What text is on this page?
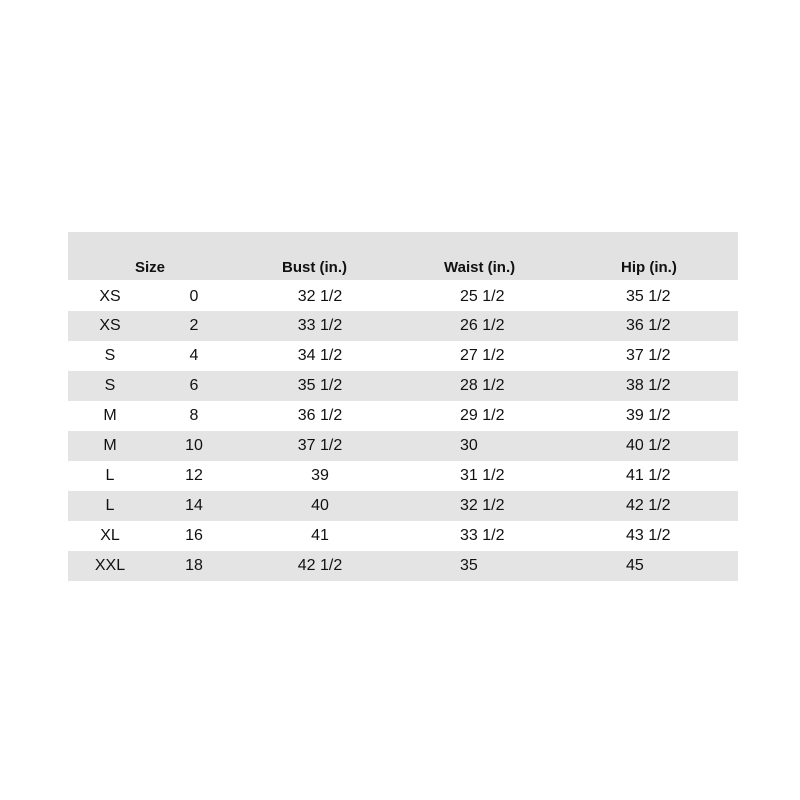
Size	Bust (in.)	Waist (in.)	Hip (in.)
XS	0	32 1/2	25 1/2	35 1/2
XS	2	33 1/2	26 1/2	36 1/2
S	4	34 1/2	27 1/2	37 1/2
S	6	35 1/2	28 1/2	38 1/2
M	8	36 1/2	29 1/2	39 1/2
M	10	37 1/2	30	40 1/2
L	12	39	31 1/2	41 1/2
L	14	40	32 1/2	42 1/2
XL	16	41	33 1/2	43 1/2
XXL	18	42 1/2	35	45
